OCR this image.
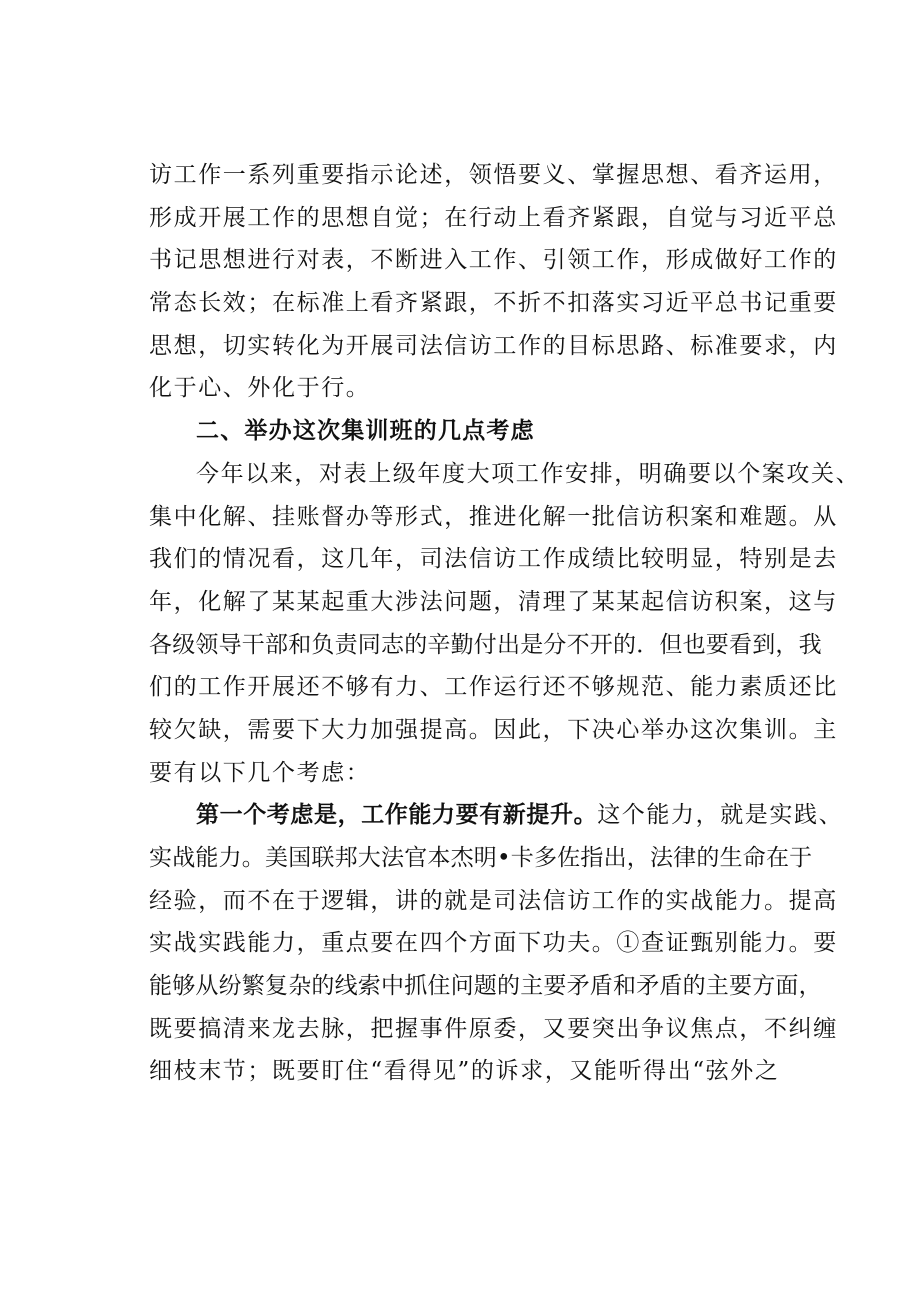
访工作一系列重要指示论述，领悟要义、掌握思想、看齐运用，
形成开展工作的思想自觉；在行动上看齐紧跟，自觉与习近平总
书记思想进行对表，不断进入工作、引领工作，形成做好工作的
常态长效；在标准上看齐紧跟，不折不扣落实习近平总书记重要
思想，切实转化为开展司法信访工作的目标思路、标准要求，内
化于心、外化于行。
二、举办这次集训班的几点考虑
今年以来，对表上级年度大项工作安排，明确要以个案攻关、
集中化解、挂账督办等形式，推进化解一批信访积案和难题。从
我们的情况看，这几年，司法信访工作成绩比较明显，特别是去
年，化解了某某起重大涉法问题，清理了某某起信访积案，这与
各级领导干部和负责同志的辛勤付出是分不开的．但也要看到，我
们的工作开展还不够有力、工作运行还不够规范、能力素质还比
较欠缺，需要下大力加强提高。因此，下决心举办这次集训。主
要有以下几个考虑：
第一个考虑是，工作能力要有新提升。这个能力，就是实践、
实战能力。美国联邦大法官本杰明•卡多佐指出，法律的生命在于
经验，而不在于逻辑，讲的就是司法信访工作的实战能力。提高
实战实践能力，重点要在四个方面下功夫。①查证甄别能力。要
能够从纷繁复杂的线索中抓住问题的主要矛盾和矛盾的主要方面，
既要搞清来龙去脉，把握事件原委，又要突出争议焦点，不纠缠
细枝末节；既要盯住“看得见”的诉求，又能听得出“弦外之
